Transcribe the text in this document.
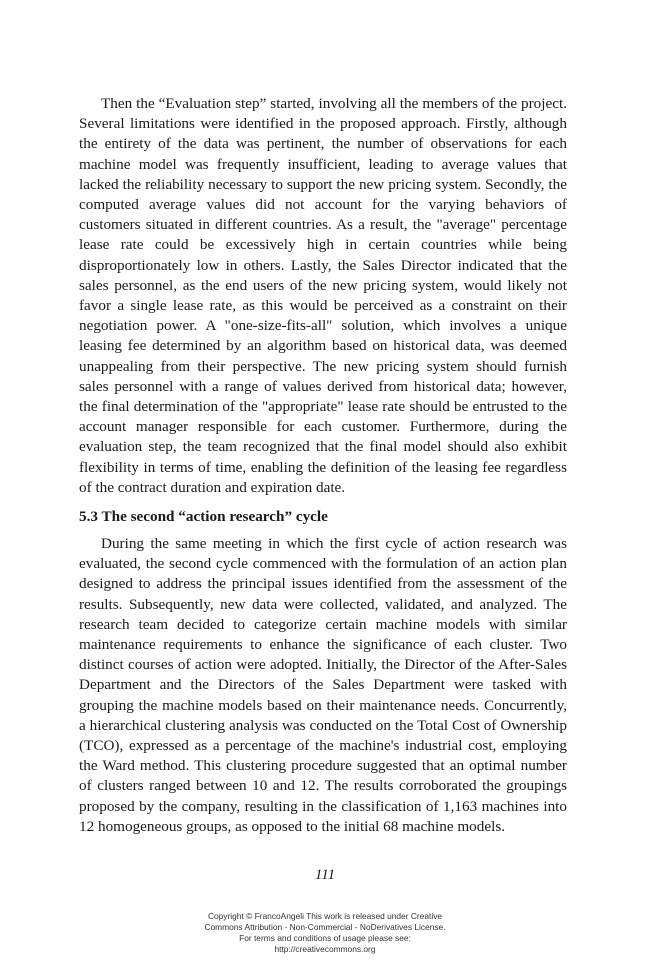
Then the “Evaluation step” started, involving all the members of the project. Several limitations were identified in the proposed approach. Firstly, although the entirety of the data was pertinent, the number of observations for each machine model was frequently insufficient, leading to average values that lacked the reliability necessary to support the new pricing system. Secondly, the computed average values did not account for the varying behaviors of customers situated in different countries. As a result, the "average" percentage lease rate could be excessively high in certain countries while being disproportionately low in others. Lastly, the Sales Director indicated that the sales personnel, as the end users of the new pricing system, would likely not favor a single lease rate, as this would be perceived as a constraint on their negotiation power. A "one-size-fits-all" solution, which involves a unique leasing fee determined by an algorithm based on historical data, was deemed unappealing from their perspective. The new pricing system should furnish sales personnel with a range of values derived from historical data; however, the final determination of the "appropriate" lease rate should be entrusted to the account manager responsible for each customer. Furthermore, during the evaluation step, the team recognized that the final model should also exhibit flexibility in terms of time, enabling the definition of the leasing fee regardless of the contract duration and expiration date.

5.3 The second “action research” cycle

During the same meeting in which the first cycle of action research was evaluated, the second cycle commenced with the formulation of an action plan designed to address the principal issues identified from the assessment of the results. Subsequently, new data were collected, validated, and analyzed. The research team decided to categorize certain machine models with similar maintenance requirements to enhance the significance of each cluster. Two distinct courses of action were adopted. Initially, the Director of the After-Sales Department and the Directors of the Sales Department were tasked with grouping the machine models based on their maintenance needs. Concurrently, a hierarchical clustering analysis was conducted on the Total Cost of Ownership (TCO), expressed as a percentage of the machine's industrial cost, employing the Ward method. This clustering procedure suggested that an optimal number of clusters ranged between 10 and 12. The results corroborated the groupings proposed by the company, resulting in the classification of 1,163 machines into 12 homogeneous groups, as opposed to the initial 68 machine models.

111
Copyright © FrancoAngeli This work is released under Creative
Commons Attribution - Non-Commercial - NoDerivatives License.
For terms and conditions of usage please see:
http://creativecommons.org
